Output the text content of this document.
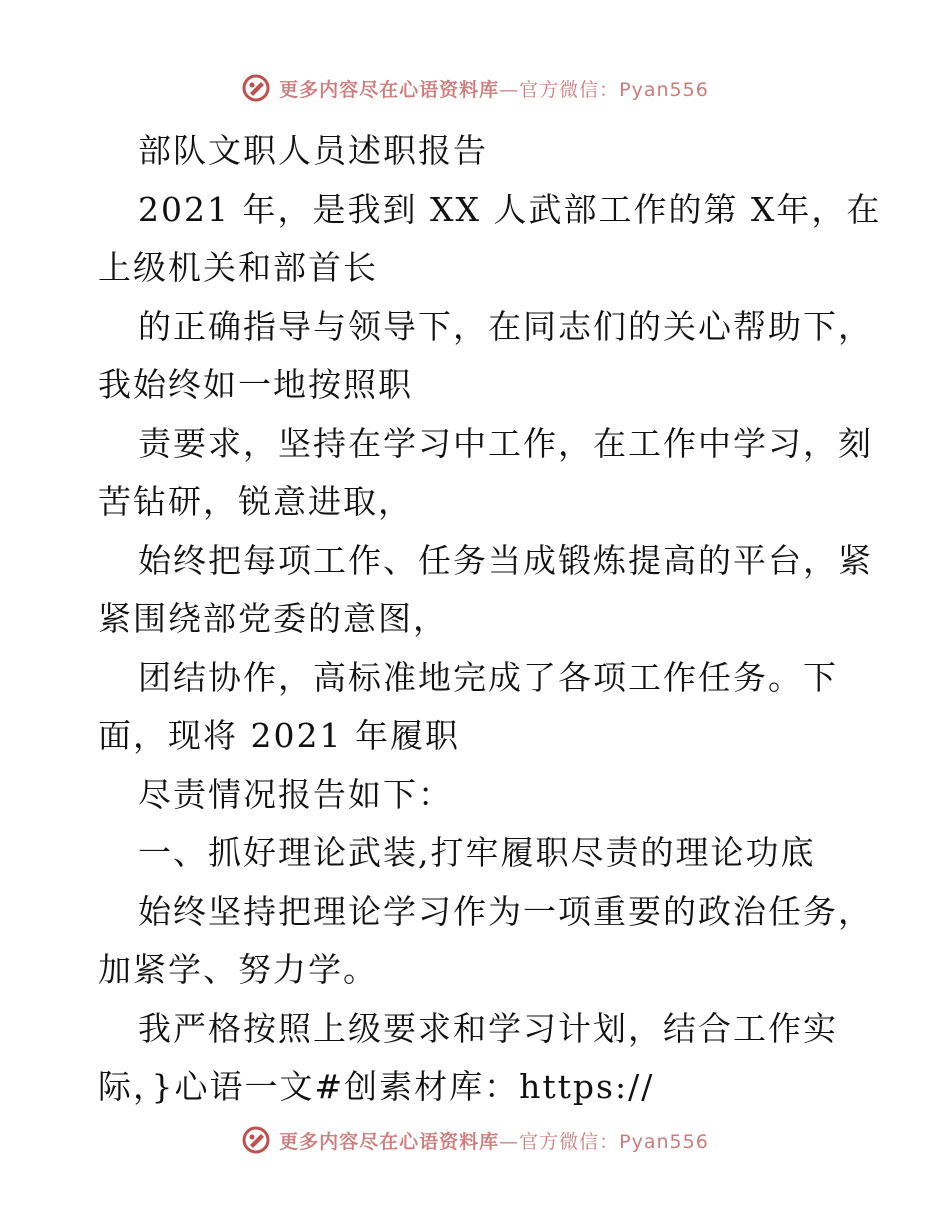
更多内容尽在心语资料库—官方微信：Pyan556
部队文职人员述职报告
2021 年，是我到 XX 人武部工作的第 X年，在
上级机关和部首长
的正确指导与领导下，在同志们的关心帮助下，
我始终如一地按照职
责要求，坚持在学习中工作，在工作中学习，刻
苦钻研，锐意进取，
始终把每项工作、任务当成锻炼提高的平台，紧
紧围绕部党委的意图，
团结协作，高标准地完成了各项工作任务。下
面，现将 2021 年履职
尽责情况报告如下：
一、抓好理论武装,打牢履职尽责的理论功底
始终坚持把理论学习作为一项重要的政治任务，
加紧学、努力学。
我严格按照上级要求和学习计划，结合工作实
际，}心语一文#创素材库：https://
更多内容尽在心语资料库—官方微信：Pyan556
